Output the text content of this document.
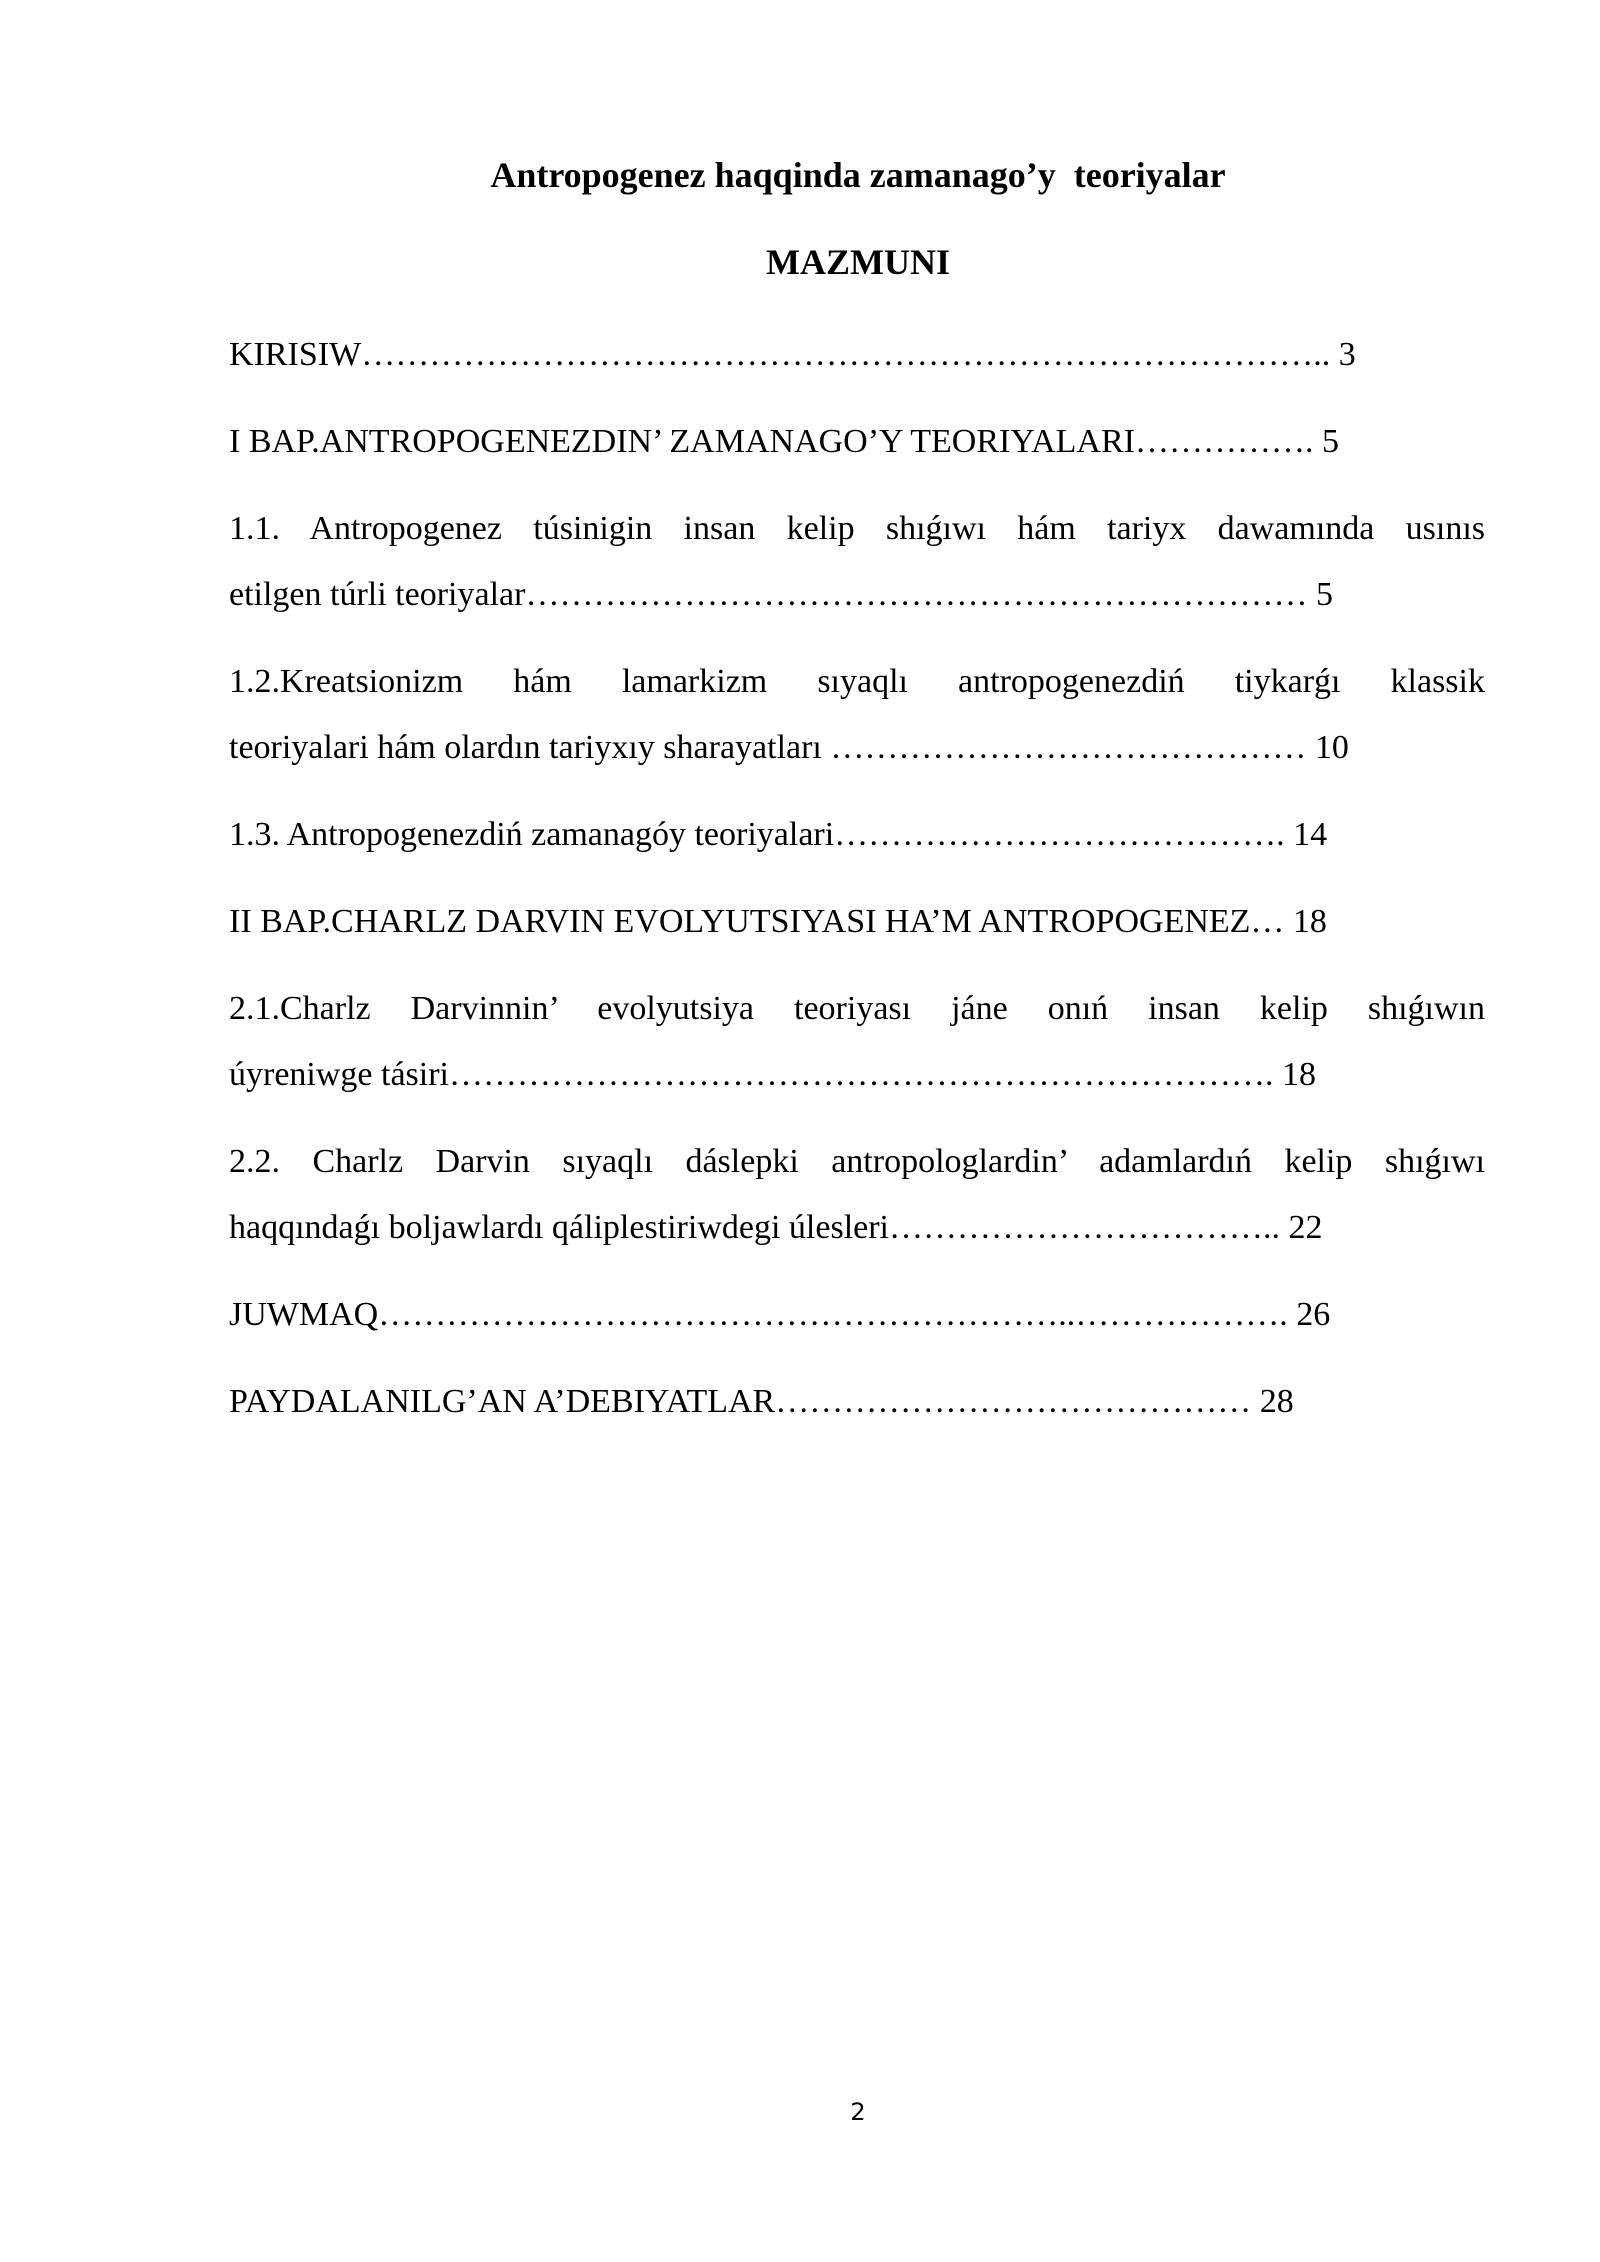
Antropogenez haqqinda zamanago’y  teoriyalar
MAZMUNI
KIRISIW………………………………………………………………………….. 3
I BAP.ANTROPOGENEZDIN’ ZAMANAGO’Y TEORIYALARI……………. 5
1.1. Antropogenez túsinigin insan kelip shıǵıwı hám tariyx dawamında usınıs
etilgen túrli teoriyalar…………………………………………………………… 5
1.2.Kreatsionizm hám lamarkizm sıyaqlı antropogenezdiń tiykarǵı klassik
teoriyalari hám olardın tariyxıy sharayatları …………………………………… 10
1.3. Antropogenezdiń zamanagóy teoriyalari…………………………………. 14
II BAP.CHARLZ DARVIN EVOLYUTSIYASI HA’M ANTROPOGENEZ… 18
2.1.Charlz Darvinnin’ evolyutsiya teoriyası jáne onıń insan kelip shıǵıwın
úyreniwge tásiri………………………………………………………………. 18
2.2. Charlz Darvin sıyaqlı dáslepki antropologlardin’ adamlardıń kelip shıǵıwı
haqqındaǵı boljawlardı qáliplestiriwdegi úlesleri…………………………….. 22
JUWMAQ……………………………………………………..………………. 26
PAYDALANILG’AN A’DEBIYATLAR…………………………………… 28
2
